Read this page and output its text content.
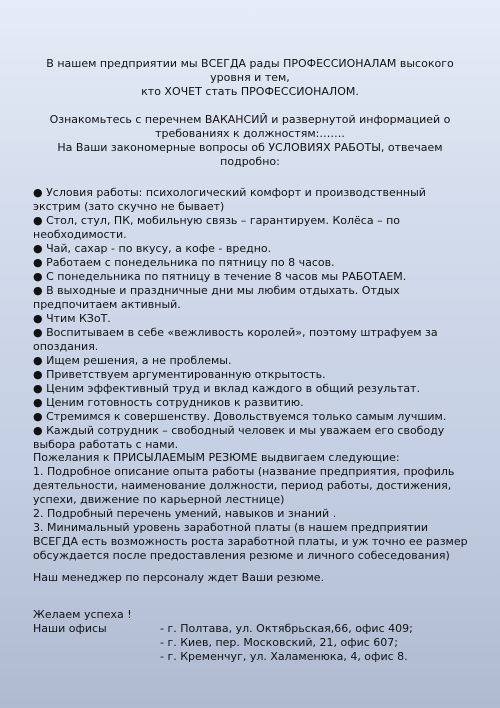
В нашем предприятии мы ВСЕГДА рады ПРОФЕССИОНАЛАМ высокого уровня и тем,

кто ХОЧЕТ стать ПРОФЕССИОНАЛОМ.

Ознакомьтесь с перечнем ВАКАНСИЙ и развернутой информацией о требованиях к должностям:…….

На Ваши закономерные вопросы об УСЛОВИЯХ РАБОТЫ, отвечаем подробно:

● Условия работы: психологический комфорт и производственный
экстрим (зато скучно не бывает)
● Стол, стул, ПК, мобильную связь – гарантируем. Колёса – по необходимости.
● Чай, сахар - по вкусу, а кофе - вредно.
● Работаем с понедельника по пятницу по 8 часов.
● С понедельника по пятницу в течение 8 часов мы РАБОТАЕМ.
● В выходные и праздничные дни мы любим отдыхать. Отдых предпочитаем активный.
● Чтим КЗоТ.
● Воспитываем в себе «вежливость королей», поэтому штрафуем за опоздания.
● Ищем решения, а не проблемы.
● Приветствуем аргументированную открытость.
● Ценим эффективный труд и вклад каждого в общий результат.
● Ценим готовность сотрудников к развитию.
● Стремимся к совершенству. Довольствуемся только самым лучшим.
● Каждый сотрудник – свободный человек и мы уважаем его свободу выбора работать с нами.

Пожелания к ПРИСЫЛАЕМЫМ РЕЗЮМЕ выдвигаем следующие:

1. Подробное описание опыта работы (название предприятия, профиль деятельности, наименование должности, период работы, достижения, успехи, движение по карьерной лестнице)

2. Подробный перечень умений, навыков и знаний .

3. Минимальный уровень заработной платы (в нашем предприятии ВСЕГДА есть возможность роста заработной платы, и уж точно ее размер обсуждается после предоставления резюме и личного собеседования)

Наш менеджер по персоналу ждет Ваши резюме.

Желаем успеха !

Наши офисы	- г. Полтава, ул. Октябрьская,66, офис 409;
- г. Киев, пер. Московский, 21, офис 607;
- г. Кременчуг, ул. Халаменюка, 4, офис 8.
